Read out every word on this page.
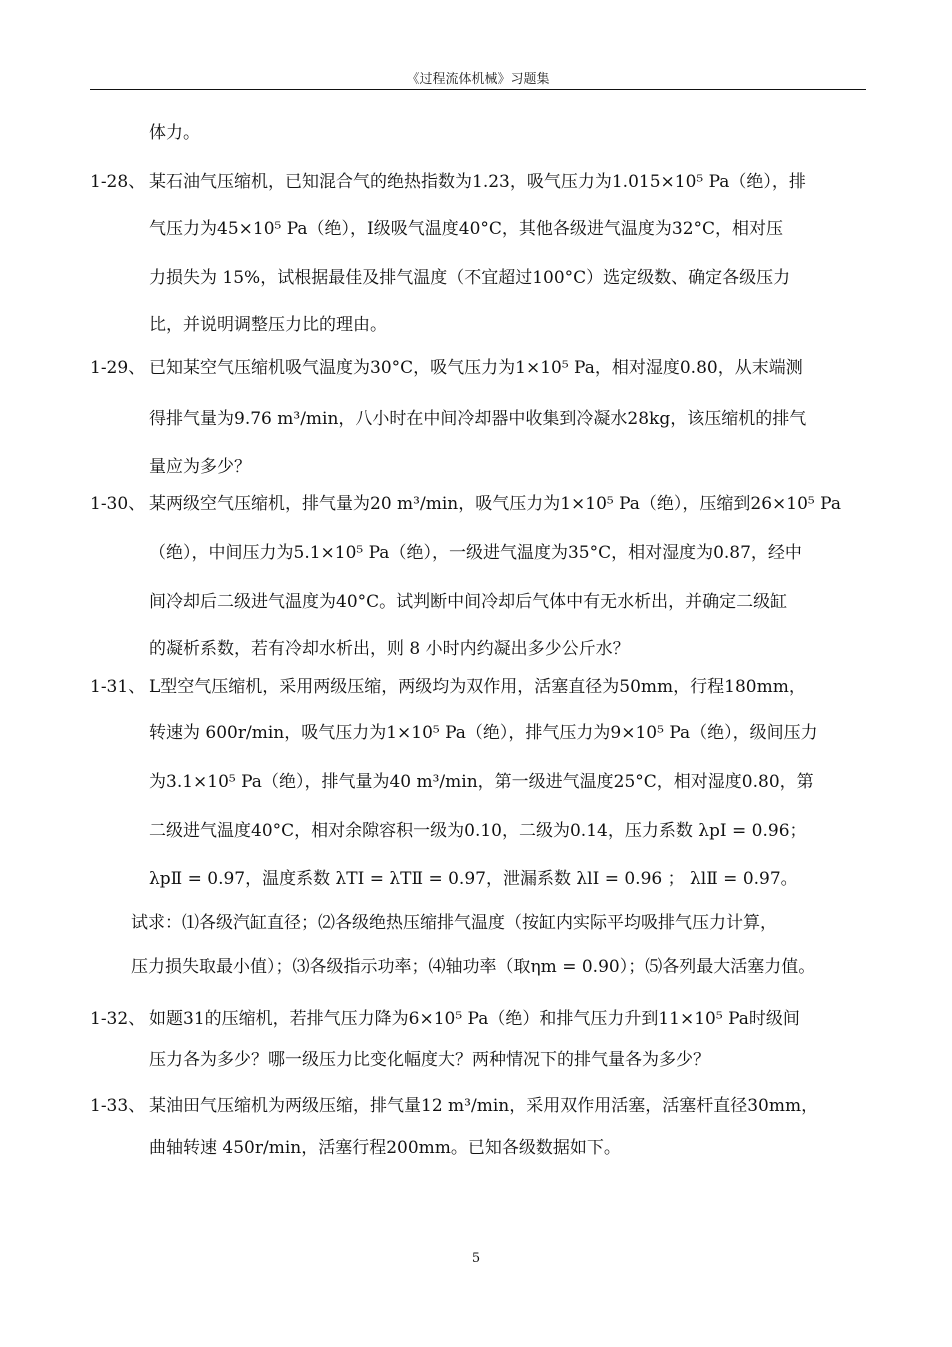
《过程流体机械》习题集
体力。
1-28、 某石油气压缩机，已知混合气的绝热指数为1.23，吸气压力为1.015×10⁵ Pa（绝），排
气压力为45×10⁵ Pa（绝），Ⅰ级吸气温度40°C，其他各级进气温度为32°C，相对压
力损失为 15%，试根据最佳及排气温度（不宜超过100°C）选定级数、确定各级压力
比，并说明调整压力比的理由。
1-29、 已知某空气压缩机吸气温度为30°C，吸气压力为1×10⁵ Pa，相对湿度0.80，从末端测
得排气量为9.76 m³/min，八小时在中间冷却器中收集到冷凝水28kg，该压缩机的排气
量应为多少？
1-30、 某两级空气压缩机，排气量为20 m³/min，吸气压力为1×10⁵ Pa（绝），压缩到26×10⁵ Pa
（绝），中间压力为5.1×10⁵ Pa（绝），一级进气温度为35°C，相对湿度为0.87，经中
间冷却后二级进气温度为40°C。试判断中间冷却后气体中有无水析出，并确定二级缸
的凝析系数，若有冷却水析出，则 8 小时内约凝出多少公斤水？
1-31、 L型空气压缩机，采用两级压缩，两级均为双作用，活塞直径为50mm，行程180mm，
转速为 600r/min，吸气压力为1×10⁵ Pa（绝），排气压力为9×10⁵ Pa（绝），级间压力
为3.1×10⁵ Pa（绝），排气量为40 m³/min，第一级进气温度25°C，相对湿度0.80，第
二级进气温度40°C，相对余隙容积一级为0.10，二级为0.14，压力系数 λpⅠ = 0.96；
λpⅡ = 0.97，温度系数 λTⅠ = λTⅡ = 0.97，泄漏系数 λlⅠ = 0.96 ； λlⅡ = 0.97。
试求：⑴各级汽缸直径；⑵各级绝热压缩排气温度（按缸内实际平均吸排气压力计算，
压力损失取最小值）；⑶各级指示功率；⑷轴功率（取ηm = 0.90）；⑸各列最大活塞力值。
1-32、 如题31的压缩机，若排气压力降为6×10⁵ Pa（绝）和排气压力升到11×10⁵ Pa时级间
压力各为多少？哪一级压力比变化幅度大？两种情况下的排气量各为多少？
1-33、 某油田气压缩机为两级压缩，排气量12 m³/min，采用双作用活塞，活塞杆直径30mm，
曲轴转速 450r/min，活塞行程200mm。已知各级数据如下。
5
